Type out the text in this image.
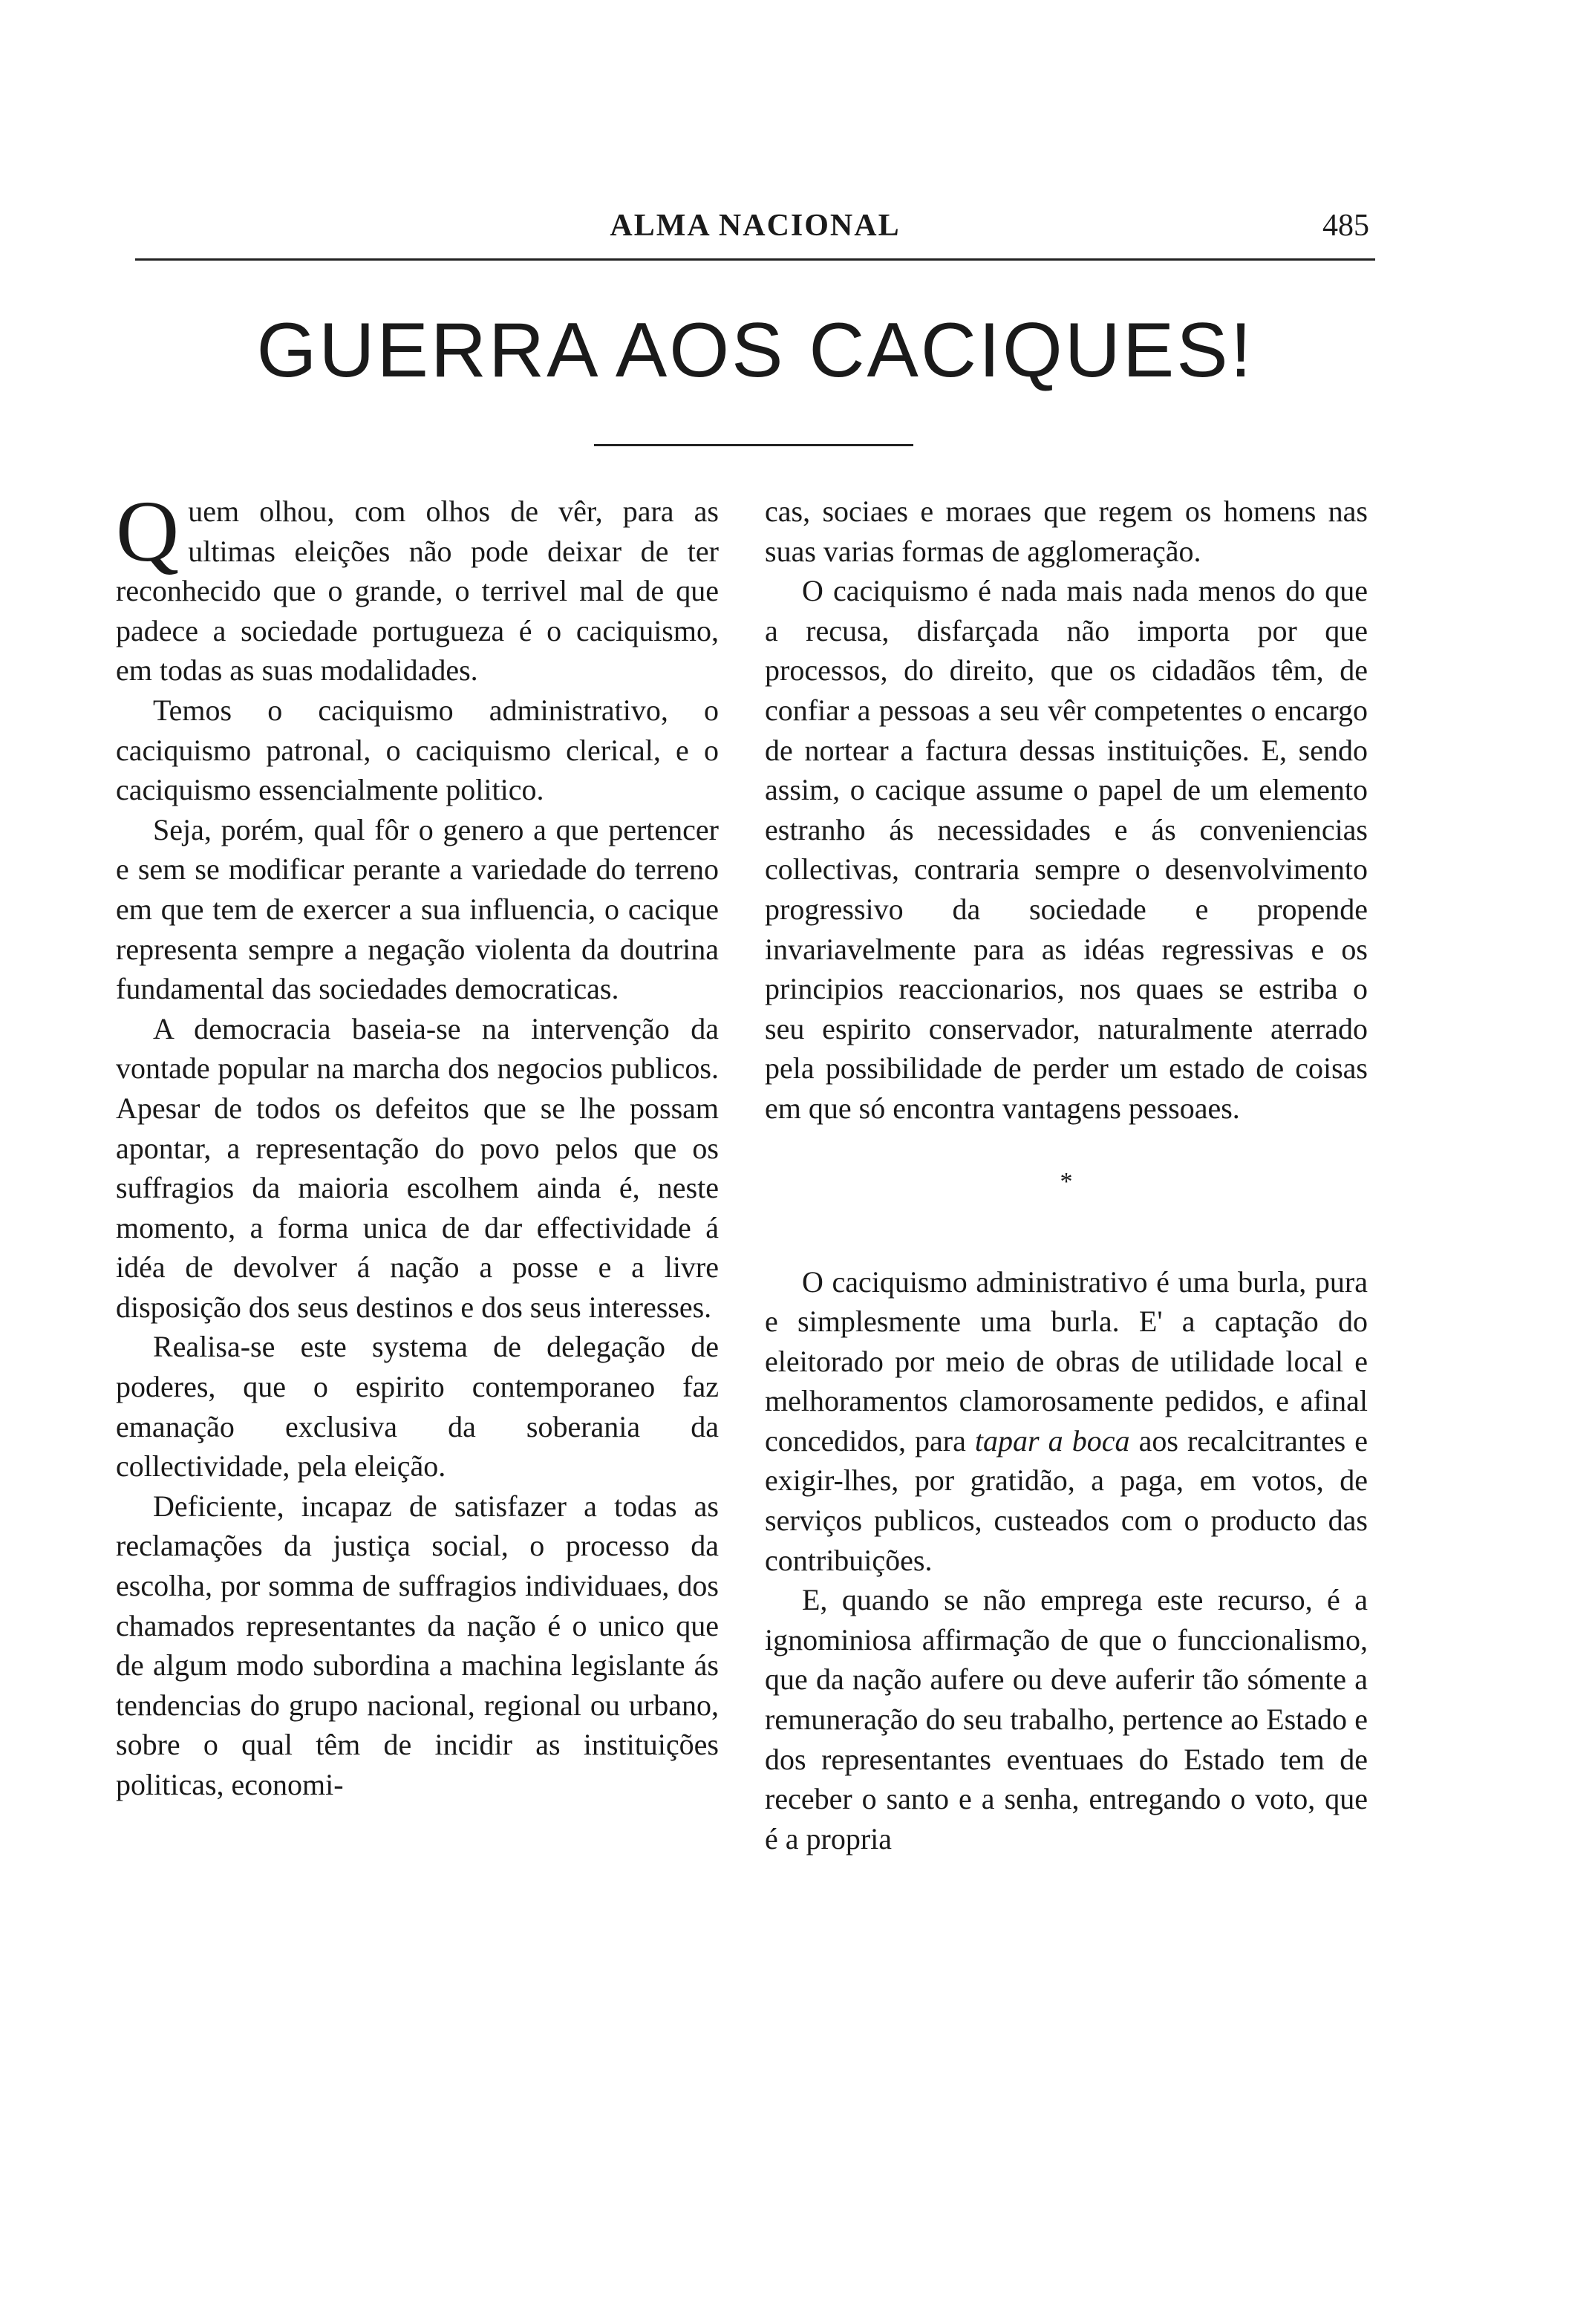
ALMA NACIONAL	485
GUERRA AOS CACIQUES!

Quem olhou, com olhos de vêr, para as ultimas eleições não pode deixar de ter reconhecido que o grande, o terrivel mal de que padece a sociedade portugueza é o caciquismo, em todas as suas modalidades.

Temos o caciquismo administrativo, o caciquismo patronal, o caciquismo clerical, e o caciquismo essencialmente politico.

Seja, porém, qual fôr o genero a que pertencer e sem se modificar perante a variedade do terreno em que tem de exercer a sua influencia, o cacique representa sempre a negação violenta da doutrina fundamental das sociedades democraticas.

A democracia baseia-se na intervenção da vontade popular na marcha dos negocios publicos. Apesar de todos os defeitos que se lhe possam apontar, a representação do povo pelos que os suffragios da maioria escolhem ainda é, neste momento, a forma unica de dar effectividade á idéa de devolver á nação a posse e a livre disposição dos seus destinos e dos seus interesses.

Realisa-se este systema de delegação de poderes, que o espirito contemporaneo faz emanação exclusiva da soberania da collectividade, pela eleição.

Deficiente, incapaz de satisfazer a todas as reclamações da justiça social, o processo da escolha, por somma de suffragios individuaes, dos chamados representantes da nação é o unico que de algum modo subordina a machina legislante ás tendencias do grupo nacional, regional ou urbano, sobre o qual têm de incidir as instituições politicas, economi-

cas, sociaes e moraes que regem os homens nas suas varias formas de agglomeração.

O caciquismo é nada mais nada menos do que a recusa, disfarçada não importa por que processos, do direito, que os cidadãos têm, de confiar a pessoas a seu vêr competentes o encargo de nortear a factura dessas instituições. E, sendo assim, o cacique assume o papel de um elemento estranho ás necessidades e ás conveniencias collectivas, contraria sempre o desenvolvimento progressivo da sociedade e propende invariavelmente para as idéas regressivas e os principios reaccionarios, nos quaes se estriba o seu espirito conservador, naturalmente aterrado pela possibilidade de perder um estado de coisas em que só encontra vantagens pessoaes.

*

O caciquismo administrativo é uma burla, pura e simplesmente uma burla. E' a captação do eleitorado por meio de obras de utilidade local e melhoramentos clamorosamente pedidos, e afinal concedidos, para tapar a boca aos recalcitrantes e exigir-lhes, por gratidão, a paga, em votos, de serviços publicos, custeados com o producto das contribuições.

E, quando se não emprega este recurso, é a ignominiosa affirmação de que o funccionalismo, que da nação aufere ou deve auferir tão sómente a remuneração do seu trabalho, pertence ao Estado e dos representantes eventuaes do Estado tem de receber o santo e a senha, entregando o voto, que é a propria
